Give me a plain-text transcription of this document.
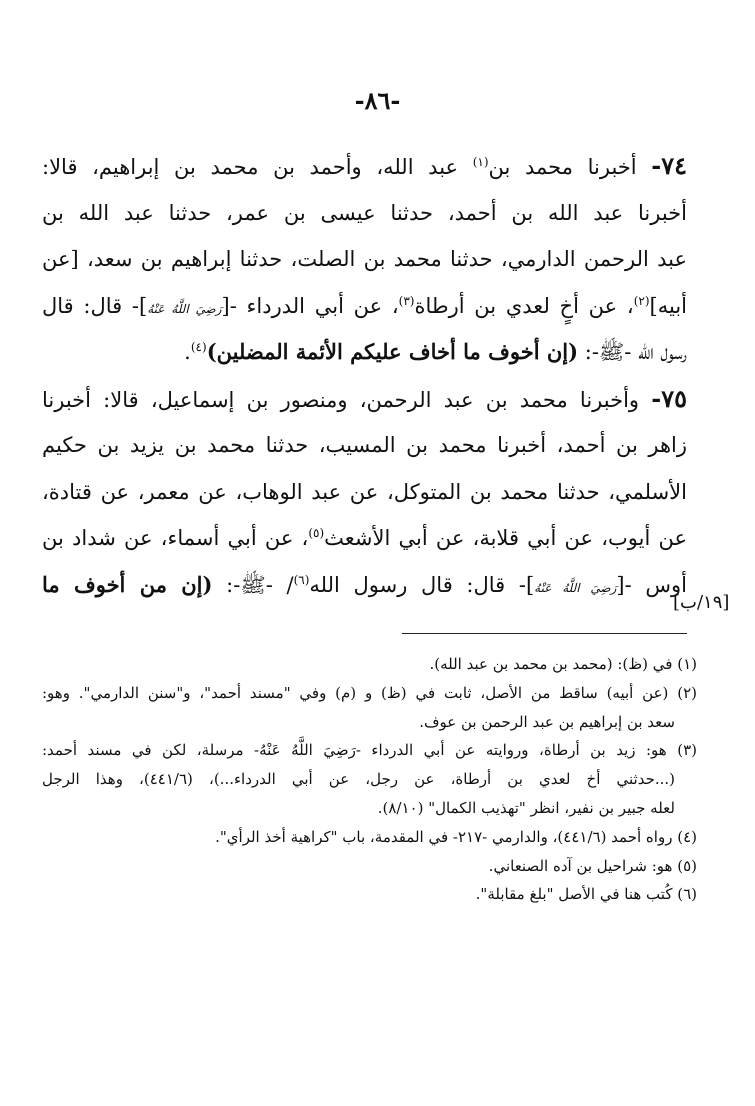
-٨٦-
٧٤- أخبرنا محمد بن$^{(١)}$ عبد الله، وأحمد بن محمد بن إبراهيم، قالا:
أخبرنا عبد الله بن أحمد، حدثنا عيسى بن عمر، حدثنا عبد الله بن
عبد الرحمن الدارمي، حدثنا محمد بن الصلت، حدثنا إبراهيم بن سعد، [عن
أبيه]$^{(٢)}$، عن أخٍ لعدي بن أرطاة$^{(٣)}$، عن أبي الدرداء -[رَضِيَ اللَّهُ عَنْهُ]- قال: قال
رسول الله -ﷺ-: (إن أخوف ما أخاف عليكم الأئمة المضلين)$^{(٤)}$.
٧٥- وأخبرنا محمد بن عبد الرحمن، ومنصور بن إسماعيل، قالا: أخبرنا
زاهر بن أحمد، أخبرنا محمد بن المسيب، حدثنا محمد بن يزيد بن حكيم
الأسلمي، حدثنا محمد بن المتوكل، عن عبد الوهاب، عن معمر، عن قتادة،
عن أيوب، عن أبي قلابة، عن أبي الأشعث$^{(٥)}$، عن أبي أسماء، عن شداد بن
أوس -[رَضِيَ اللَّهُ عَنْهُ]- قال: قال رسول الله$^{(٦)}$/ -ﷺ-: (إن من أخوف ما
[١٩/ب]
(١) في (ظ): (محمد بن محمد بن عبد الله).
(٢) (عن أبيه) ساقط من الأصل، ثابت في (ظ) و (م) وفي "مسند أحمد"، و"سنن الدارمي". وهو:
سعد بن إبراهيم بن عبد الرحمن بن عوف.
(٣) هو: زيد بن أرطاة، وروايته عن أبي الدرداء -رَضِيَ اللَّهُ عَنْهُ- مرسلة، لكن في مسند أحمد:
(...حدثني أخ لعدي بن أرطاة، عن رجل، عن أبي الدرداء...)، (٤٤١/٦)، وهذا الرجل
لعله جبير بن نفير، انظر "تهذيب الكمال" (٨/١٠).
(٤) رواه أحمد (٤٤١/٦)، والدارمي -٢١٧- في المقدمة، باب "كراهية أخذ الرأي".
(٥) هو: شراحيل بن آده الصنعاني.
(٦) كُتب هنا في الأصل "بلغ مقابلة".
